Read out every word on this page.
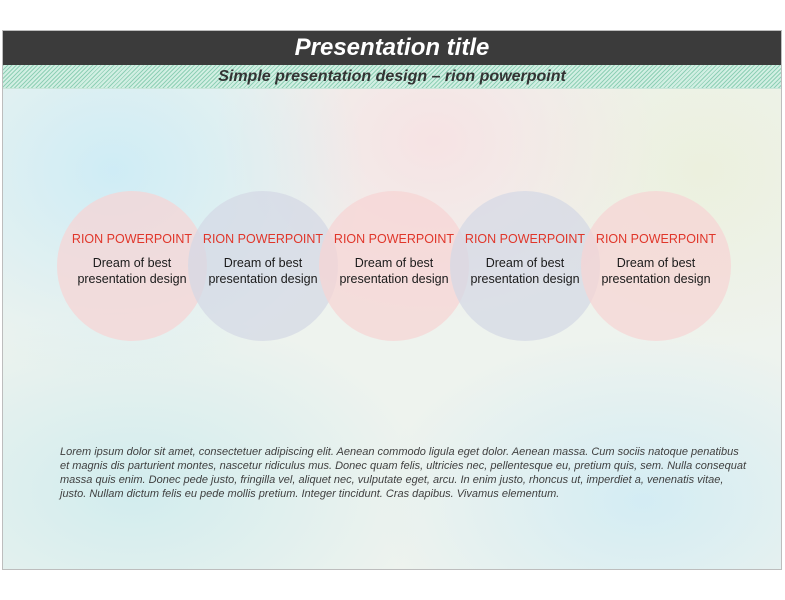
Presentation title
Simple presentation design – rion powerpoint
RION POWERPOINT
Dream of best
presentation design
RION POWERPOINT
Dream of best
presentation design
RION POWERPOINT
Dream of best
presentation design
RION POWERPOINT
Dream of best
presentation design
RION POWERPOINT
Dream of best
presentation design
Lorem ipsum dolor sit amet, consectetuer adipiscing elit. Aenean commodo ligula eget dolor. Aenean massa. Cum sociis natoque penatibus et magnis dis parturient montes, nascetur ridiculus mus. Donec quam felis, ultricies nec, pellentesque eu, pretium quis, sem. Nulla consequat massa quis enim. Donec pede justo, fringilla vel, aliquet nec, vulputate eget, arcu. In enim justo, rhoncus ut, imperdiet a, venenatis vitae, justo. Nullam dictum felis eu pede mollis pretium. Integer tincidunt. Cras dapibus. Vivamus elementum.
